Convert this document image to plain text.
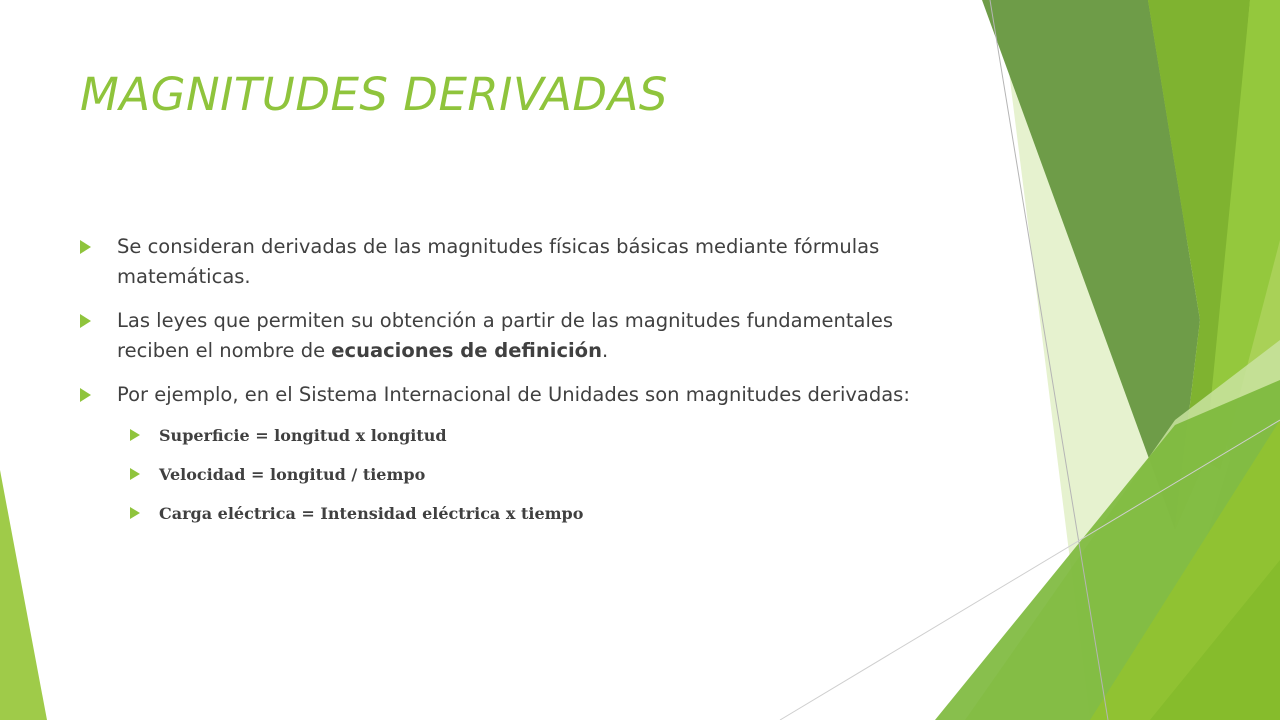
MAGNITUDES DERIVADAS
Se consideran derivadas de las magnitudes físicas básicas mediante fórmulas matemáticas.
Las leyes que permiten su obtención a partir de las magnitudes fundamentales reciben el nombre de ecuaciones de definición.
Por ejemplo, en el Sistema Internacional de Unidades son magnitudes derivadas:
Superficie = longitud x longitud
Velocidad = longitud / tiempo
Carga eléctrica = Intensidad eléctrica x tiempo
